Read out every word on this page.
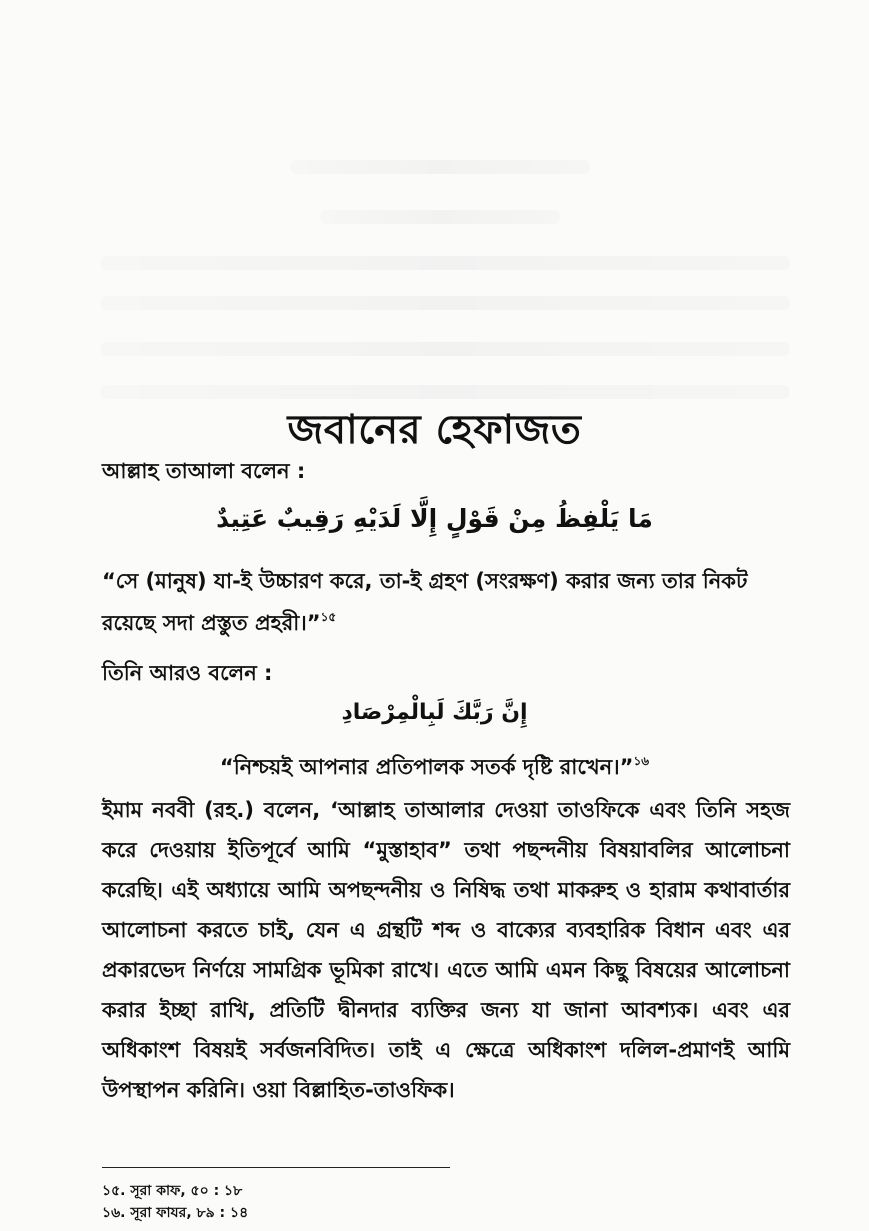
জবানের হেফাজত

আল্লাহ তাআলা বলেন :

مَا يَلْفِظُ مِنْ قَوْلٍ إِلَّا لَدَيْهِ رَقِيبٌ عَتِيدٌ

“সে (মানুষ) যা-ই উচ্চারণ করে, তা-ই গ্রহণ (সংরক্ষণ) করার জন্য তার নিকট রয়েছে সদা প্রস্তুত প্রহরী।”$^{১৫}$

তিনি আরও বলেন :

إِنَّ رَبَّكَ لَبِالْمِرْصَادِ
“নিশ্চয়ই আপনার প্রতিপালক সতর্ক দৃষ্টি রাখেন।”$^{১৬}$

ইমাম নববী (রহ.) বলেন, ‘আল্লাহ তাআলার দেওয়া তাওফিকে এবং তিনি সহজ করে দেওয়ায় ইতিপূর্বে আমি “মুস্তাহাব” তথা পছন্দনীয় বিষয়াবলির আলোচনা করেছি। এই অধ্যায়ে আমি অপছন্দনীয় ও নিষিদ্ধ তথা মাকরুহ ও হারাম কথাবার্তার আলোচনা করতে চাই, যেন এ গ্রন্থটি শব্দ ও বাক্যের ব্যবহারিক বিধান এবং এর প্রকারভেদ নির্ণয়ে সামগ্রিক ভূমিকা রাখে। এতে আমি এমন কিছু বিষয়ের আলোচনা করার ইচ্ছা রাখি, প্রতিটি দ্বীনদার ব্যক্তির জন্য যা জানা আবশ্যক। এবং এর অধিকাংশ বিষয়ই সর্বজনবিদিত। তাই এ ক্ষেত্রে অধিকাংশ দলিল-প্রমাণই আমি উপস্থাপন করিনি। ওয়া বিল্লাহিত-তাওফিক।

১৫. সূরা কাফ, ৫০ : ১৮
১৬. সূরা ফাযর, ৮৯ : ১৪
